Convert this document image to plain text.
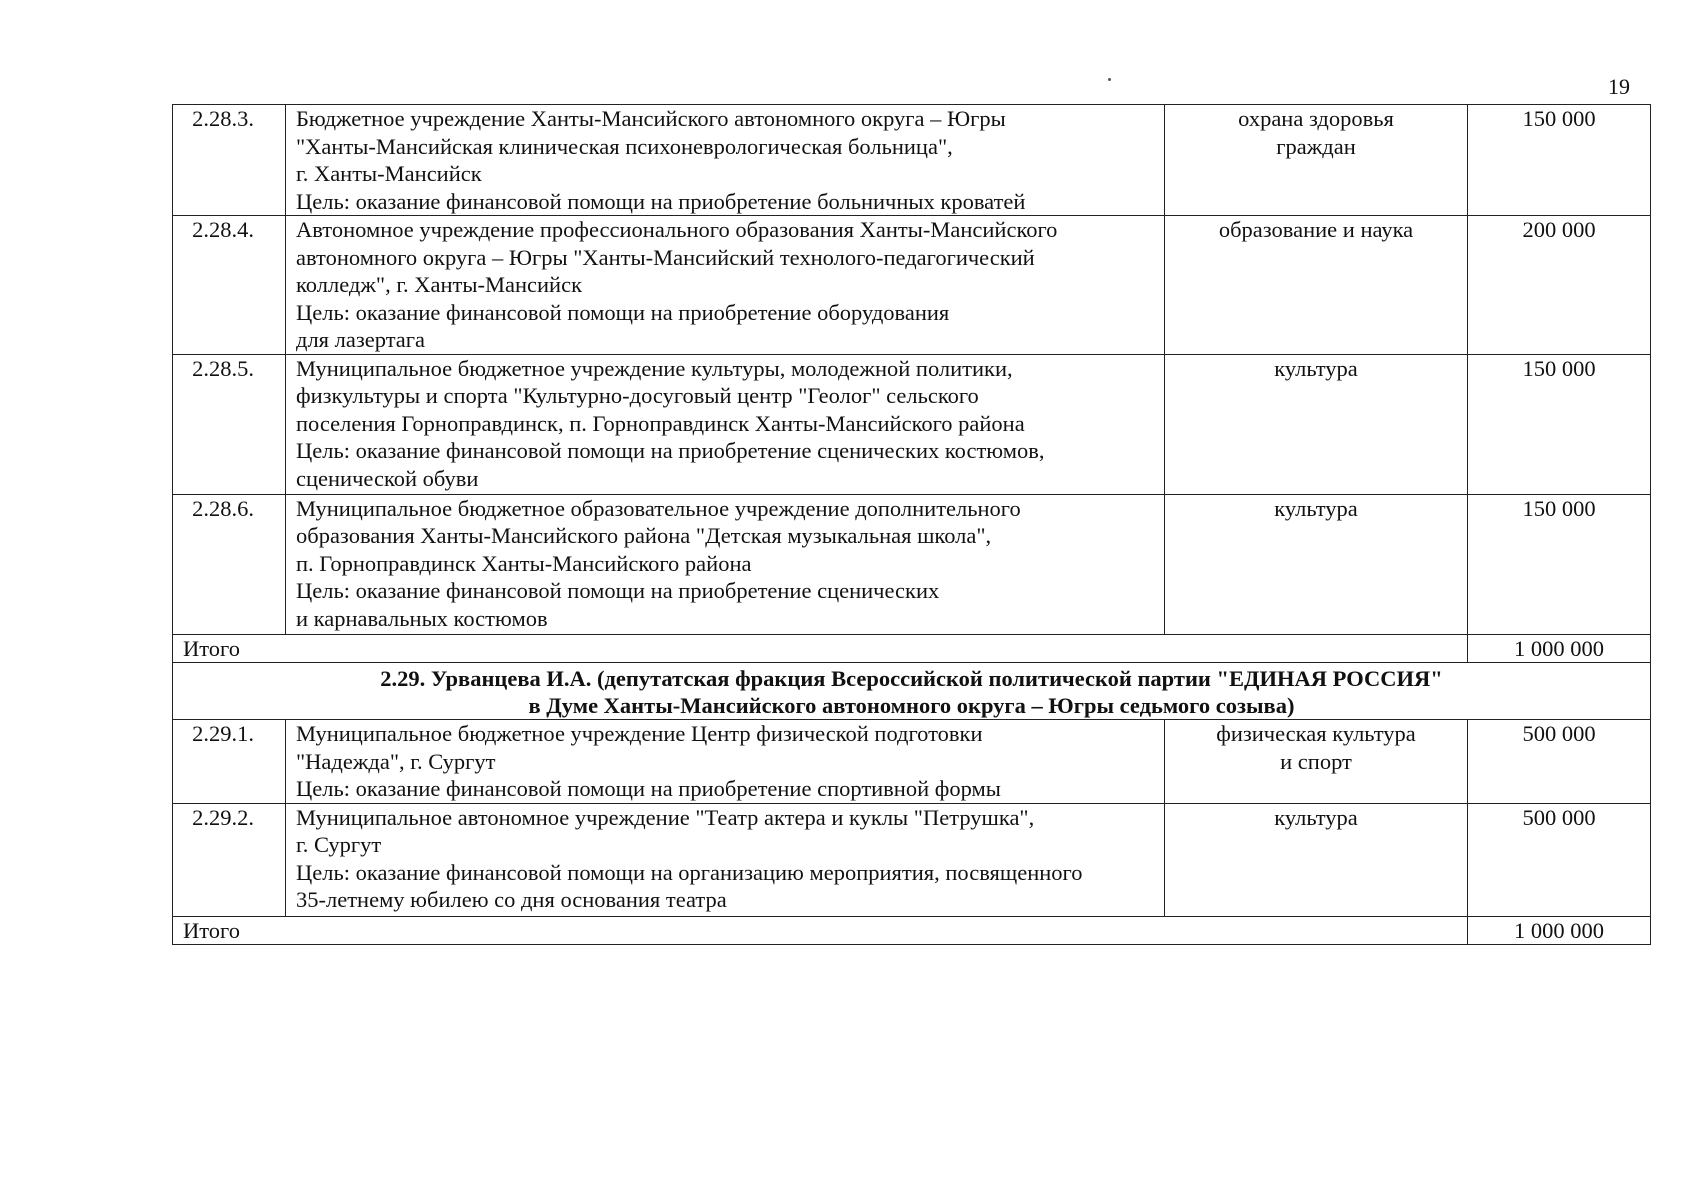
19
2.28.3.	Бюджетное учреждение Ханты-Мансийского автономного округа – Югры
"Ханты-Мансийская клиническая психоневрологическая больница",
г. Ханты-Мансийск
Цель: оказание финансовой помощи на приобретение больничных кроватей	охрана здоровья
граждан	150 000
2.28.4.	Автономное учреждение профессионального образования Ханты-Мансийского
автономного округа – Югры "Ханты-Мансийский технолого-педагогический
колледж", г. Ханты-Мансийск
Цель: оказание финансовой помощи на приобретение оборудования
для лазертага	образование и наука	200 000
2.28.5.	Муниципальное бюджетное учреждение культуры, молодежной политики,
физкультуры и спорта "Культурно-досуговый центр "Геолог" сельского
поселения Горноправдинск, п. Горноправдинск Ханты-Мансийского района
Цель: оказание финансовой помощи на приобретение сценических костюмов,
сценической обуви	культура	150 000
2.28.6.	Муниципальное бюджетное образовательное учреждение дополнительного
образования Ханты-Мансийского района "Детская музыкальная школа",
п. Горноправдинск Ханты-Мансийского района
Цель: оказание финансовой помощи на приобретение сценических
и карнавальных костюмов	культура	150 000
Итого			1 000 000

2.29. Урванцева И.А. (депутатская фракция Всероссийской политической партии "ЕДИНАЯ РОССИЯ"
в Думе Ханты-Мансийского автономного округа – Югры седьмого созыва)			

2.29.1.	Муниципальное бюджетное учреждение Центр физической подготовки
"Надежда", г. Сургут
Цель: оказание финансовой помощи на приобретение спортивной формы	физическая культура
и спорт	500 000
2.29.2.	Муниципальное автономное учреждение "Театр актера и куклы "Петрушка",
г. Сургут
Цель: оказание финансовой помощи на организацию мероприятия, посвященного
35-летнему юбилею со дня основания театра	культура	500 000
Итого			1 000 000
